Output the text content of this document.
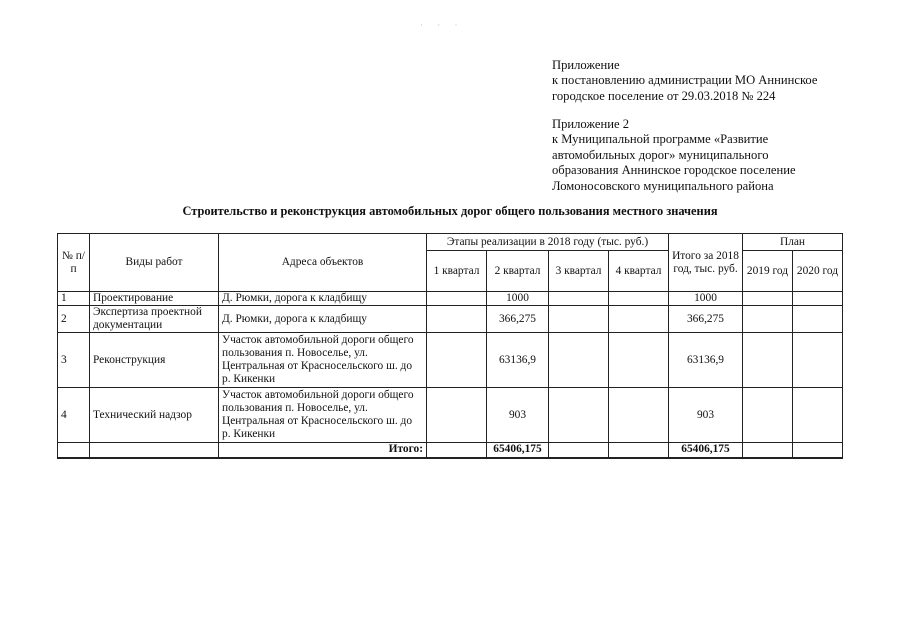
· · ·
Приложение
к постановлению администрации МО Аннинское
городское поселение от 29.03.2018 № 224
Приложение 2
к Муниципальной программе «Развитие
автомобильных дорог» муниципального
образования Аннинское городское поселение
Ломоносовского муниципального района
Строительство и реконструкция автомобильных дорог общего пользования местного значения
№ п/п	Виды работ	Адреса объектов	Этапы реализации в 2018 году (тыс. руб.)				Итого за 2018 год, тыс. руб.	План	
			1 квартал	2 квартал	3 квартал	4 квартал		2019 год	2020 год
1	Проектирование	Д. Рюмки, дорога к кладбищу		1000			1000		
2	Экспертиза проектной документации	Д. Рюмки, дорога к кладбищу		366,275			366,275		
3	Реконструкция	Участок автомобильной дороги общего пользования п. Новоселье, ул. Центральная от Красносельского ш. до р. Кикенки		63136,9			63136,9		
4	Технический надзор	Участок автомобильной дороги общего пользования п. Новоселье, ул. Центральная от Красносельского ш. до р. Кикенки		903			903		
		Итого:		65406,175			65406,175		
